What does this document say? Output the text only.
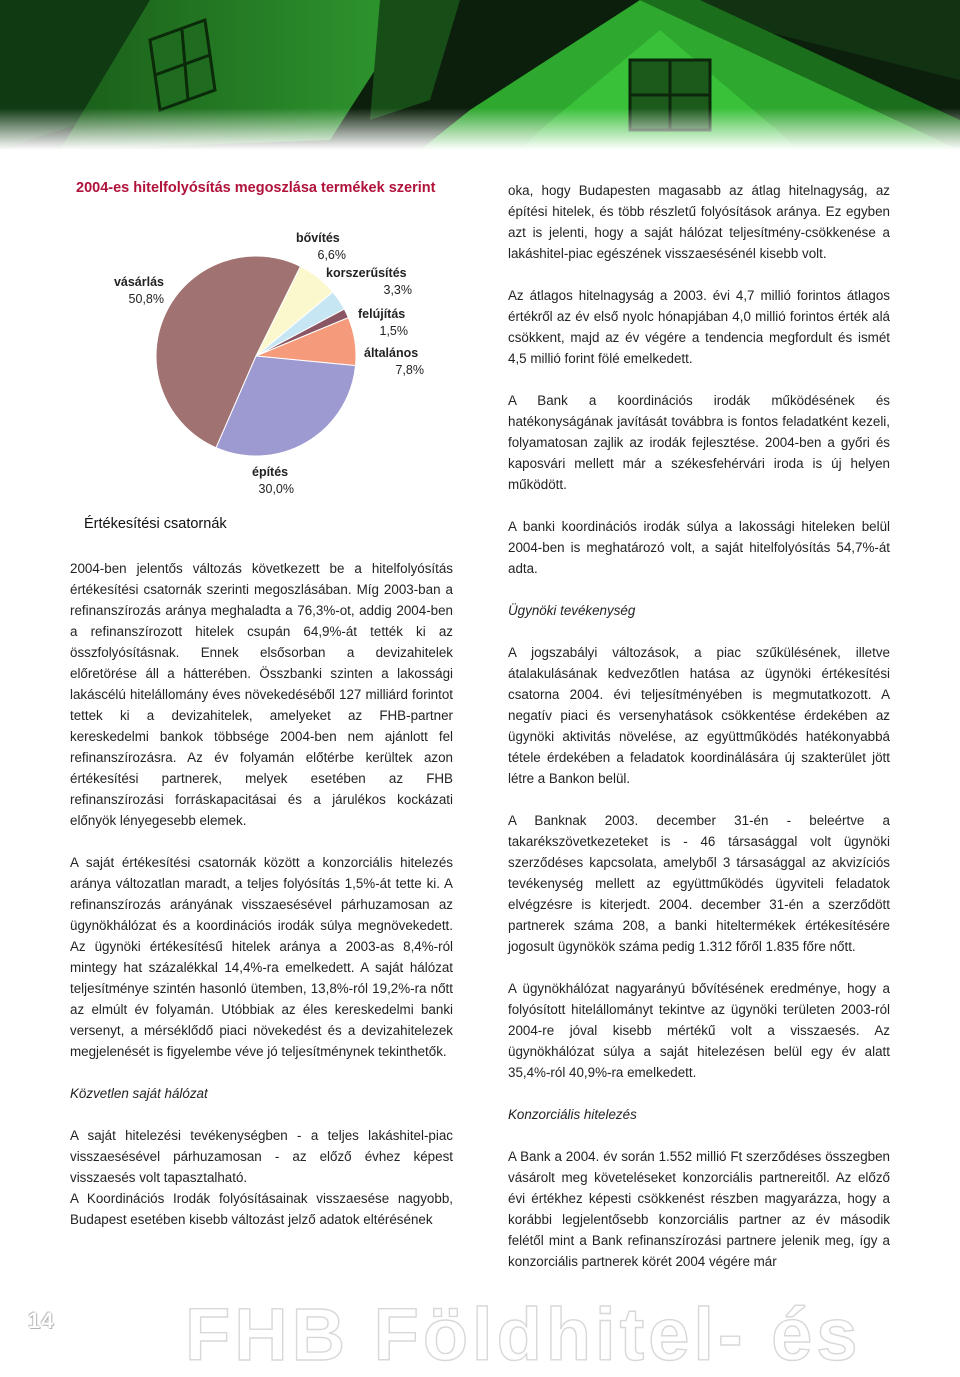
2004-es hitelfolyósítás megoszlása termékek szerint
vásárlás
50,8%
bővítés
6,6%
korszerűsítés
3,3%
felújítás
1,5%
általános
7,8%
építés
30,0%
Értékesítési csatornák

2004-ben jelentős változás következett be a hitelfolyósítás értékesítési csatornák szerinti megoszlásában. Míg 2003-ban a refinanszírozás aránya meghaladta a 76,3%-ot, addig 2004-ben a refinanszírozott hitelek csupán 64,9%-át tették ki az összfolyósításnak. Ennek elsősorban a devizahitelek előretörése áll a hátterében. Összbanki szinten a lakossági lakáscélú hitelállomány éves növekedéséből 127 milliárd forintot tettek ki a devizahitelek, amelyeket az FHB-partner kereskedelmi bankok többsége 2004-ben nem ajánlott fel refinanszírozásra. Az év folyamán előtérbe kerültek azon értékesítési partnerek, melyek esetében az FHB refinanszírozási forráskapacitásai és a járulékos kockázati előnyök lényegesebb elemek.

A saját értékesítési csatornák között a konzorciális hitelezés aránya változatlan maradt, a teljes folyósítás 1,5%-át tette ki. A refinanszírozás arányának visszaesésével párhuzamosan az ügynökhálózat és a koordinációs irodák súlya megnövekedett. Az ügynöki értékesítésű hitelek aránya a 2003-as 8,4%-ról mintegy hat százalékkal 14,4%-ra emelkedett. A saját hálózat teljesítménye szintén hasonló ütemben, 13,8%-ról 19,2%-ra nőtt az elmúlt év folyamán. Utóbbiak az éles kereskedelmi banki versenyt, a mérséklődő piaci növekedést és a devizahitelezek megjelenését is figyelembe véve jó teljesítménynek tekinthetők.

Közvetlen saját hálózat

A saját hitelezési tevékenységben - a teljes lakáshitel-piac visszaesésével párhuzamosan - az előző évhez képest visszaesés volt tapasztalható.

A Koordinációs Irodák folyósításainak visszaesése nagyobb, Budapest esetében kisebb változást jelző adatok eltérésének

oka, hogy Budapesten magasabb az átlag hitelnagyság, az építési hitelek, és több részletű folyósítások aránya. Ez egyben azt is jelenti, hogy a saját hálózat teljesítmény-csökkenése a lakáshitel-piac egészének visszaesésénél kisebb volt.

Az átlagos hitelnagyság a 2003. évi 4,7 millió forintos átlagos értékről az év első nyolc hónapjában 4,0 millió forintos érték alá csökkent, majd az év végére a tendencia megfordult és ismét 4,5 millió forint fölé emelkedett.

A Bank a koordinációs irodák működésének és hatékonyságának javítását továbbra is fontos feladatként kezeli, folyamatosan zajlik az irodák fejlesztése. 2004-ben a győri és kaposvári mellett már a székesfehérvári iroda is új helyen működött.

A banki koordinációs irodák súlya a lakossági hiteleken belül 2004-ben is meghatározó volt, a saját hitelfolyósítás 54,7%-át adta.

Ügynöki tevékenység

A jogszabályi változások, a piac szűkülésének, illetve átalakulásának kedvezőtlen hatása az ügynöki értékesítési csatorna 2004. évi teljesítményében is megmutatkozott. A negatív piaci és versenyhatások csökkentése érdekében az ügynöki aktivitás növelése, az együttműködés hatékonyabbá tétele érdekében a feladatok koordinálására új szakterület jött létre a Bankon belül.

A Banknak 2003. december 31-én - beleértve a takarékszövetkezeteket is - 46 társasággal volt ügynöki szerződéses kapcsolata, amelyből 3 társasággal az akvizíciós tevékenység mellett az együttműködés ügyviteli feladatok elvégzésre is kiterjedt. 2004. december 31-én a szerződött partnerek száma 208, a banki hiteltermékek értékesítésére jogosult ügynökök száma pedig 1.312 főről 1.835 főre nőtt.

A ügynökhálózat nagyarányú bővítésének eredménye, hogy a folyósított hitelállományt tekintve az ügynöki területen 2003-ról 2004-re jóval kisebb mértékű volt a visszaesés. Az ügynökhálózat súlya a saját hitelezésen belül egy év alatt 35,4%-ról 40,9%-ra emelkedett.

Konzorciális hitelezés

A Bank a 2004. év során 1.552 millió Ft szerződéses összegben vásárolt meg követeléseket konzorciális partnereitől. Az előző évi értékhez képesti csökkenést részben magyarázza, hogy a korábbi legjelentősebb konzorciális partner az év második felétől mint a Bank refinanszírozási partnere jelenik meg, így a konzorciális partnerek körét 2004 végére már

14 FHB Földhitel- és
